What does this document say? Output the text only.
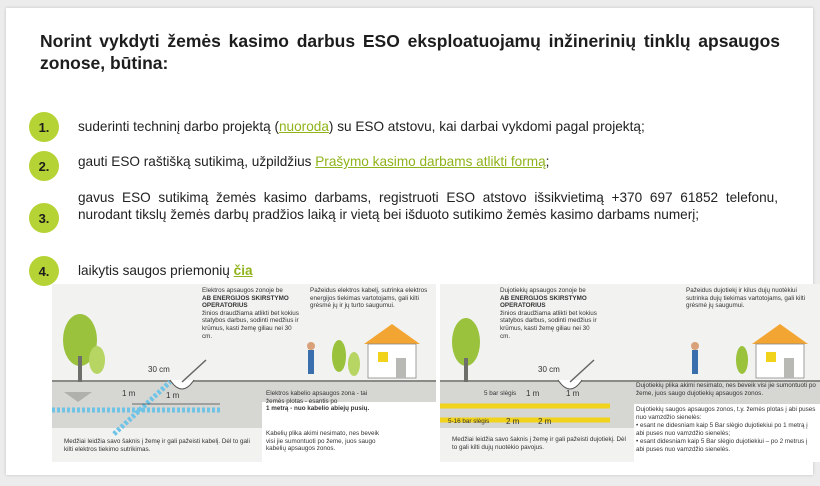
Norint vykdyti žemės kasimo darbus ESO eksploatuojamų inžinerinių tinklų apsaugos zonose, būtina:
1.	suderinti techninį darbo projektą (nuoroda) su ESO atstovu, kai darbai vykdomi pagal projektą;
2.	gauti ESO raštišką sutikimą, užpildžius Prašymo kasimo darbams atlikti formą;
3.
gavus ESO sutikimą žemės kasimo darbams, registruoti ESO atstovo išsikvietimą +370 697 61852 telefonu, nurodant tikslų žemės darbų pradžios laiką ir vietą bei išduoto sutikimo žemės kasimo darbams numerį;
4.	laikytis saugos priemonių čia
Elektros apsaugos zonoje be
AB ENERGIJOS SKIRSTYMO OPERATORIUS
žinios draudžiama atlikti bet kokius statybos darbus, sodinti medžius ir krūmus, kasti žemę giliau nei 30 cm.
Pažeidus elektros kabelį, sutrinka elektros energijos tiekimas vartotojams, gali kilti grėsmė jų ir jų turto saugumui.
30 cm
1 m	1 m	Elektros kabelio apsaugos zona - tai žemės plotas - esantis po
1 metrą - nuo kabelio abiejų pusių.
Kabelių plika akimi nesimato, nes beveik visi jie sumontuoti po žeme, juos saugo kabelių apsaugos zonos.
Medžiai leidžia savo šaknis į žemę ir gali pažeisti kabelį. Dėl to gali kilti elektros tiekimo sutrikimas.
Dujotiekių apsaugos zonoje be
AB ENERGIJOS SKIRSTYMO OPERATORIUS
žinios draudžiama atlikti bet kokius statybos darbus, sodinti medžius ir krūmus, kasti žemę giliau nei 30 cm.
Pažeidus dujotiekį ir kilus dujų nuotėkiui sutrinka dujų tiekimas vartotojams, gali kilti grėsmė jų saugumui.
30 cm
5 bar slėgis 1 m	1 m
5-16 bar slėgis 2 m 2 m
Dujotiekių plika akimi nesimato, nes beveik visi jie sumontuoti po žeme, juos saugo dujotiekių apsaugos zonos.
Dujotiekių saugos apsaugos zonos, t.y. žemės plotas į abi puses nuo vamzdžio sienelės:
• esant ne didesniam kaip 5 Bar slėgio dujotiekiui po 1 metrą į abi puses nuo vamzdžio sienelės;
• esant didesniam kaip 5 Bar slėgio dujotiekiui – po 2 metrus į abi puses nuo vamzdžio sienelės.
Medžiai leidžia savo šaknis į žemę ir gali pažeisti dujotiekį. Dėl to gali kilti dujų nuotėkio pavojus.
